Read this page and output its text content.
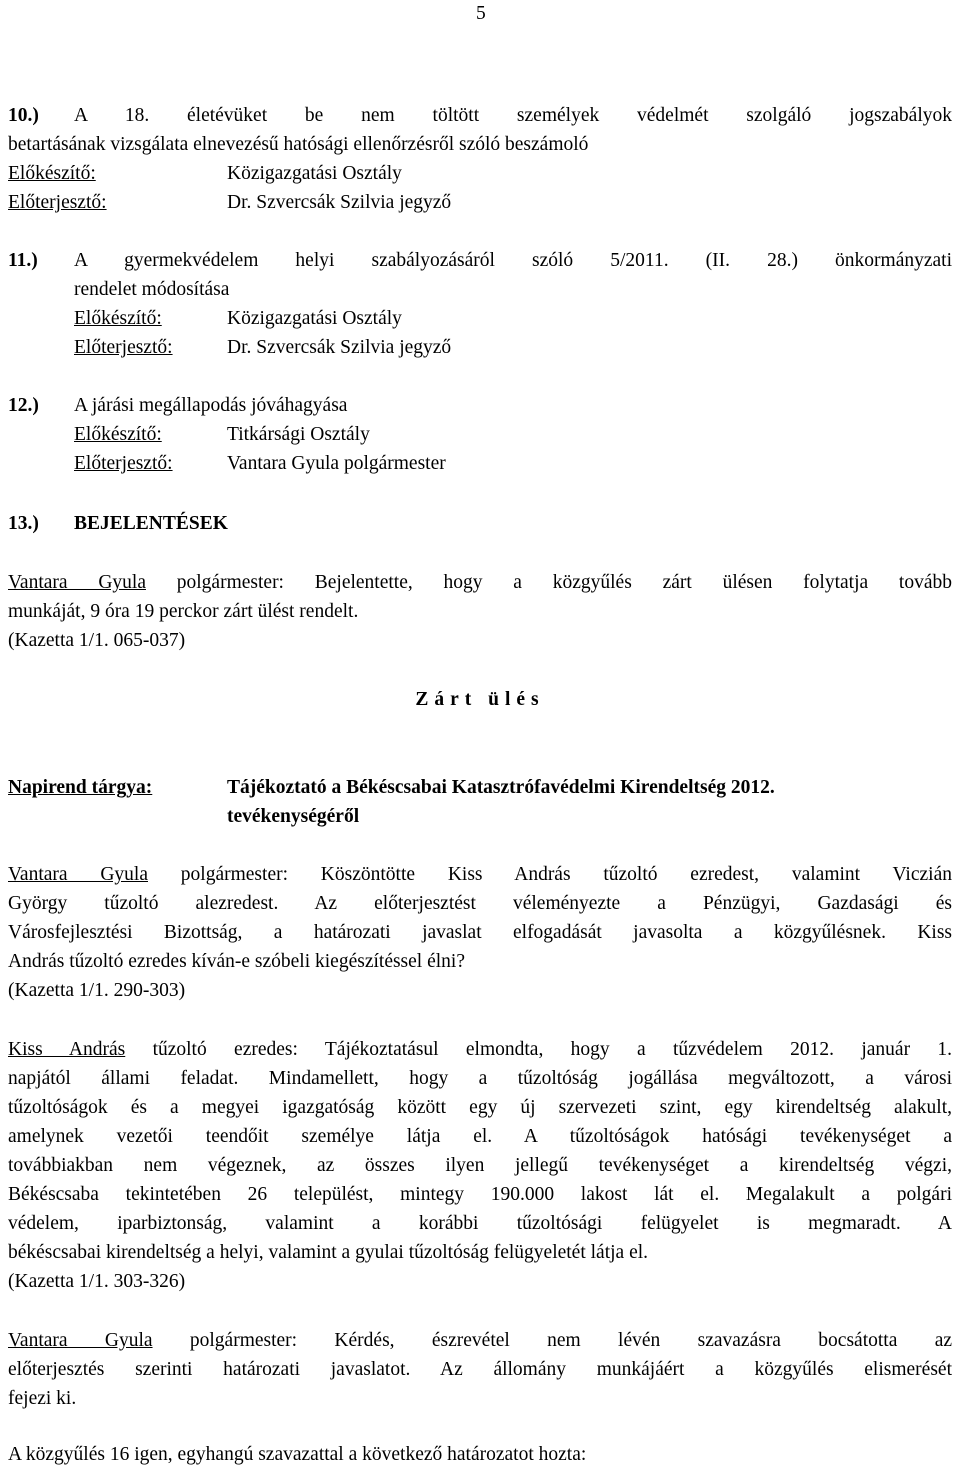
5
10.)	A 18. életévüket be nem töltött személyek védelmét szolgáló jogszabályok
betartásának vizsgálata elnevezésű hatósági ellenőrzésről szóló beszámoló
Előkészítő:	Közigazgatási Osztály
Előterjesztő:	Dr. Szvercsák Szilvia jegyző
11.)	A gyermekvédelem helyi szabályozásáról szóló 5/2011. (II. 28.) önkormányzati
rendelet módosítása
Előkészítő:	Közigazgatási Osztály
Előterjesztő:	Dr. Szvercsák Szilvia jegyző
12.)	A járási megállapodás jóváhagyása
Előkészítő:	Titkársági Osztály
Előterjesztő:	Vantara Gyula polgármester
13.)	BEJELENTÉSEK
Vantara Gyula polgármester: Bejelentette, hogy a közgyűlés zárt ülésen folytatja tovább
munkáját, 9 óra 19 perckor zárt ülést rendelt.
(Kazetta 1/1. 065-037)
Zárt ülés
Napirend tárgya:	Tájékoztató a Békéscsabai Katasztrófavédelmi Kirendeltség 2012.
tevékenységéről
Vantara Gyula polgármester: Köszöntötte Kiss András tűzoltó ezredest, valamint Viczián
György tűzoltó alezredest. Az előterjesztést véleményezte a Pénzügyi, Gazdasági és
Városfejlesztési Bizottság, a határozati javaslat elfogadását javasolta a közgyűlésnek. Kiss
András tűzoltó ezredes kíván-e szóbeli kiegészítéssel élni?
(Kazetta 1/1. 290-303)
Kiss András tűzoltó ezredes: Tájékoztatásul elmondta, hogy a tűzvédelem 2012. január 1.
napjától állami feladat. Mindamellett, hogy a tűzoltóság jogállása megváltozott, a városi
tűzoltóságok és a megyei igazgatóság között egy új szervezeti szint, egy kirendeltség alakult,
amelynek vezetői teendőit személye látja el. A tűzoltóságok hatósági tevékenységet a
továbbiakban nem végeznek, az összes ilyen jellegű tevékenységet a kirendeltség végzi,
Békéscsaba tekintetében 26 települést, mintegy 190.000 lakost lát el. Megalakult a polgári
védelem, iparbiztonság, valamint a korábbi tűzoltósági felügyelet is megmaradt. A
békéscsabai kirendeltség a helyi, valamint a gyulai tűzoltóság felügyeletét látja el.
(Kazetta 1/1. 303-326)
Vantara Gyula polgármester: Kérdés, észrevétel nem lévén szavazásra bocsátotta az
előterjesztés szerinti határozati javaslatot. Az állomány munkájáért a közgyűlés elismerését
fejezi ki.
A közgyűlés 16 igen, egyhangú szavazattal a következő határozatot hozta:
